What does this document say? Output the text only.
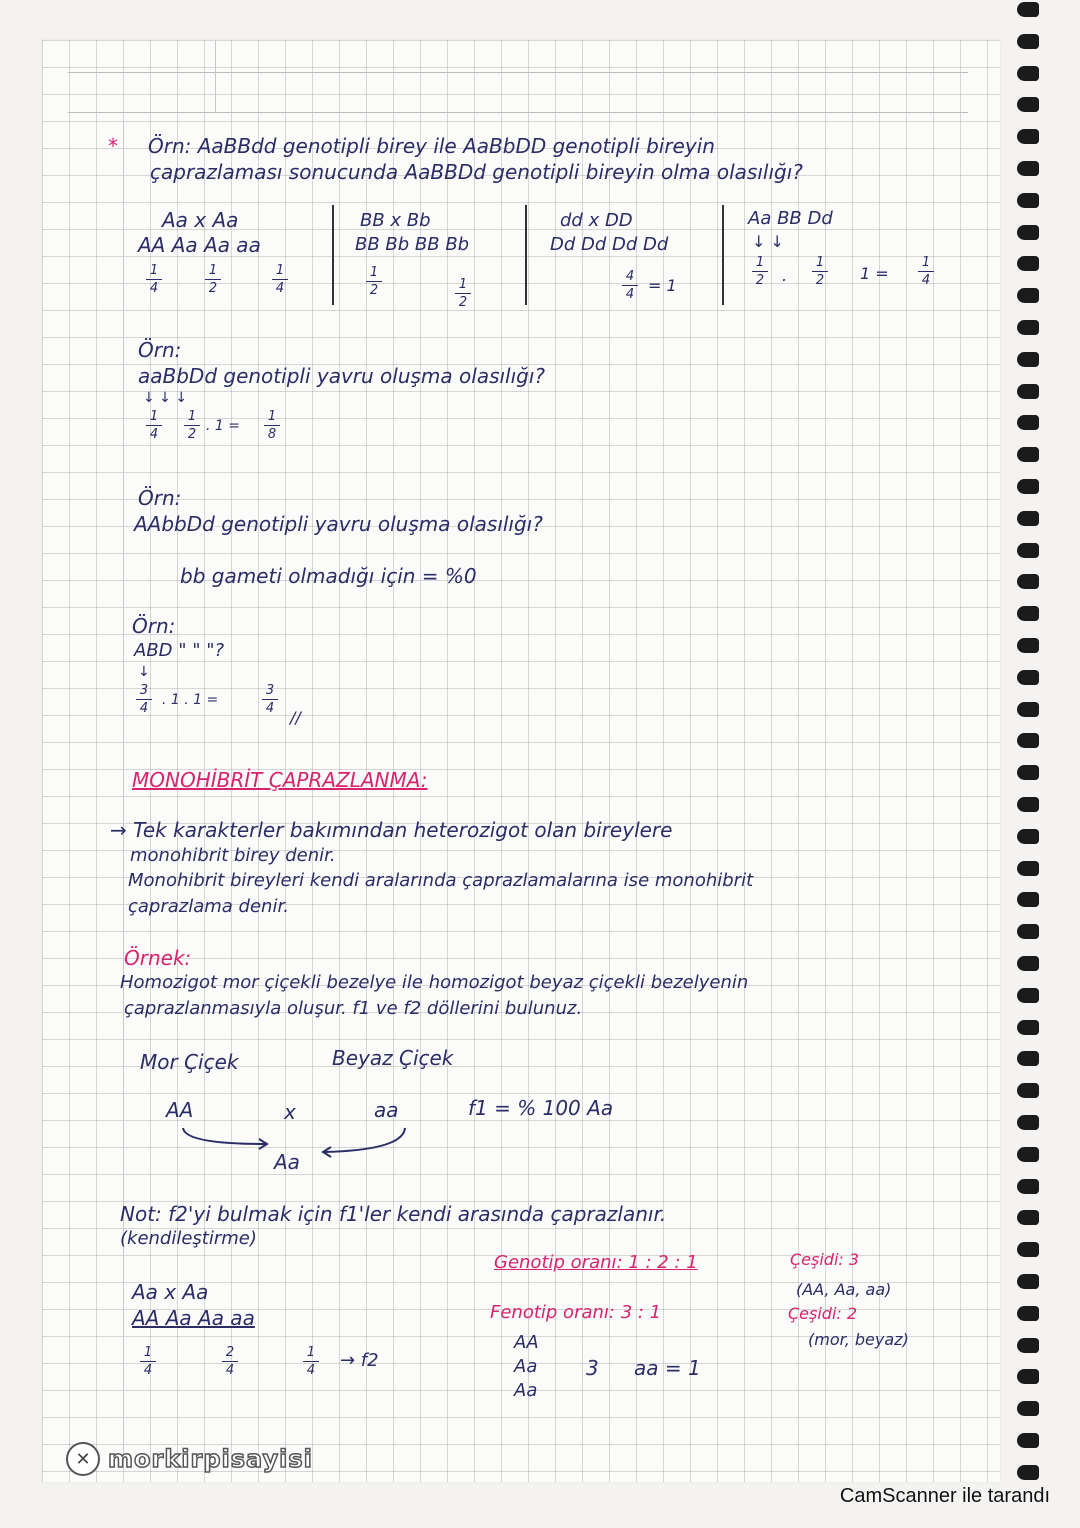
* Örn: AaBBdd genotipli birey ile AaBbDD genotipli bireyin
çaprazlaması sonucunda AaBBDd genotipli bireyin olma olasılığı?
Aa x Aa
AA Aa Aa aa
1
4
1
2
1
4
BB x Bb
BB Bb BB Bb
1
2	1
2
dd x DD
Dd Dd Dd Dd
4
4 = 1
Aa BB Dd
↓ ↓
1
2 .
1
2 1 =
1
4
Örn:
aaBbDd genotipli yavru oluşma olasılığı?
↓ ↓ ↓
1
4
1
2
. 1 =
1
8
Örn:
AAbbDd genotipli yavru oluşma olasılığı?
bb gameti olmadığı için = %0
Örn:
ABD " " "?
↓
3
4
. 1 . 1 =
3
4 //
MONOHİBRİT ÇAPRAZLANMA:
→ Tek karakterler bakımından heterozigot olan bireylere
monohibrit birey denir.
Monohibrit bireyleri kendi aralarında çaprazlamalarına ise monohibrit
çaprazlama denir.
Örnek:
Homozigot mor çiçekli bezelye ile homozigot beyaz çiçekli bezelyenin
çaprazlanmasıyla oluşur. f1 ve f2 döllerini bulunuz.
Mor Çiçek	Beyaz Çiçek
AA	x	aa	f1 = % 100 Aa
Aa
Not: f2'yi bulmak için f1'ler kendi arasında çaprazlanır.
(kendileştirme)
Aa x Aa
AA Aa Aa aa
1
4
2
4
1
4 → f2
Genotip oranı: 1 : 2 : 1
Fenotip oranı: 3 : 1
AA
Aa
Aa
3 aa = 1
Çeşidi: 3
(AA, Aa, aa)
Çeşidi: 2
(mor, beyaz)
✕ morkirpisayisi
CamScanner ile tarandı
